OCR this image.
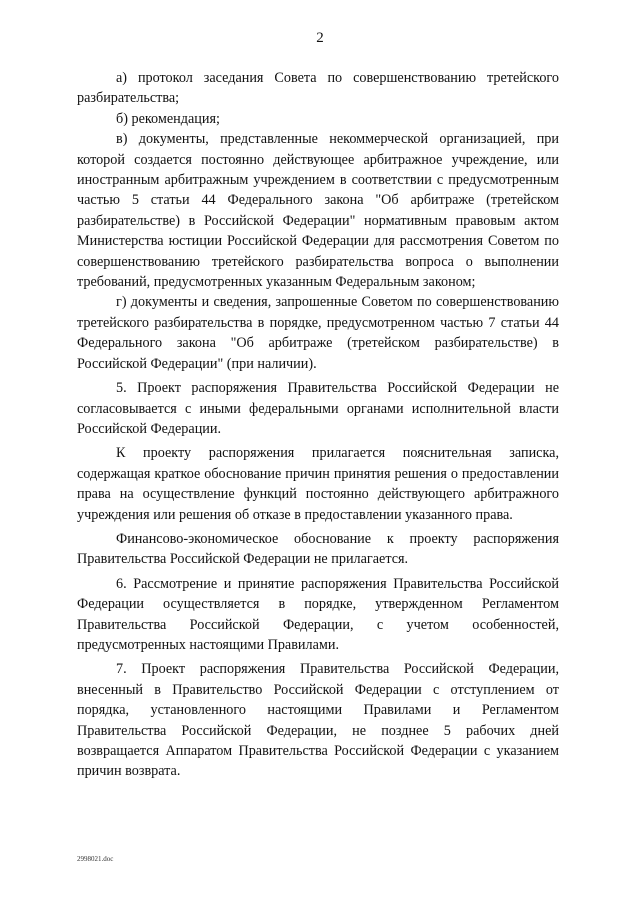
2

а) протокол заседания Совета по совершенствованию третейского разбирательства;

б) рекомендация;

в) документы, представленные некоммерческой организацией, при которой создается постоянно действующее арбитражное учреждение, или иностранным арбитражным учреждением в соответствии с предусмотренным частью 5 статьи 44 Федерального закона "Об арбитраже (третейском разбирательстве) в Российской Федерации" нормативным правовым актом Министерства юстиции Российской Федерации для рассмотрения Советом по совершенствованию третейского разбирательства вопроса о выполнении требований, предусмотренных указанным Федеральным законом;

г) документы и сведения, запрошенные Советом по совершенствованию третейского разбирательства в порядке, предусмотренном частью 7 статьи 44 Федерального закона "Об арбитраже (третейском разбирательстве) в Российской Федерации" (при наличии).

5. Проект распоряжения Правительства Российской Федерации не согласовывается с иными федеральными органами исполнительной власти Российской Федерации.

К проекту распоряжения прилагается пояснительная записка, содержащая краткое обоснование причин принятия решения о предоставлении права на осуществление функций постоянно действующего арбитражного учреждения или решения об отказе в предоставлении указанного права.

Финансово-экономическое обоснование к проекту распоряжения Правительства Российской Федерации не прилагается.

6. Рассмотрение и принятие распоряжения Правительства Российской Федерации осуществляется в порядке, утвержденном Регламентом Правительства Российской Федерации, с учетом особенностей, предусмотренных настоящими Правилами.

7. Проект распоряжения Правительства Российской Федерации, внесенный в Правительство Российской Федерации с отступлением от порядка, установленного настоящими Правилами и Регламентом Правительства Российской Федерации, не позднее 5 рабочих дней возвращается Аппаратом Правительства Российской Федерации с указанием причин возврата.

2998021.doc
